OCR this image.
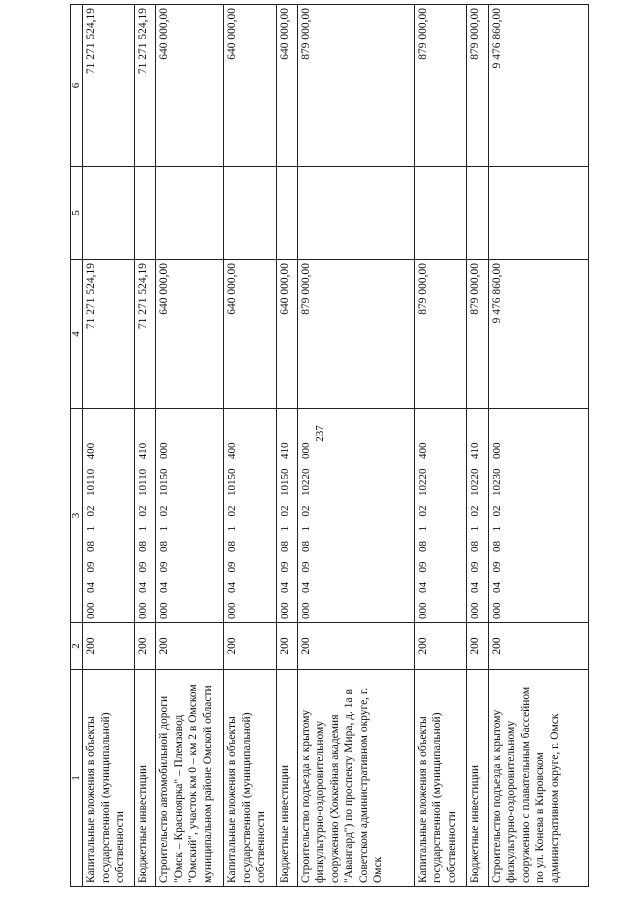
237
1	2	3	4	5	6
Капитальные вложения в объекты государственной (муниципальной) собственности	200	000  04  09  08  1  02  10110  400	71 271 524,19		71 271 524,19
Бюджетные инвестиции	200	000  04  09  08  1  02  10110  410	71 271 524,19		71 271 524,19
Строительство автомобильной дороги "Омск – Красноярка" – Племзавод "Омский", участок км 0 – км 2 в Омском муниципальном районе Омской области	200	000  04  09  08  1  02  10150  000	640 000,00		640 000,00
Капитальные вложения в объекты государственной (муниципальной) собственности	200	000  04  09  08  1  02  10150  400	640 000,00		640 000,00
Бюджетные инвестиции	200	000  04  09  08  1  02  10150  410	640 000,00		640 000,00
Строительство подъезда к крытому физкультурно-оздоровительному сооружению (Хоккейная академия "Авангард") по проспекту Мира, д. 1а в Советском административном округе, г. Омск	200	000  04  09  08  1  02  10220  000	879 000,00		879 000,00
Капитальные вложения в объекты государственной (муниципальной) собственности	200	000  04  09  08  1  02  10220  400	879 000,00		879 000,00
Бюджетные инвестиции	200	000  04  09  08  1  02  10220  410	879 000,00		879 000,00
Строительство подъезда к крытому физкультурно-оздоровительному сооружению с плавательным бассейном по ул. Конева в Кировском административном округе, г. Омск	200	000  04  09  08  1  02  10230  000	9 476 860,00		9 476 860,00
